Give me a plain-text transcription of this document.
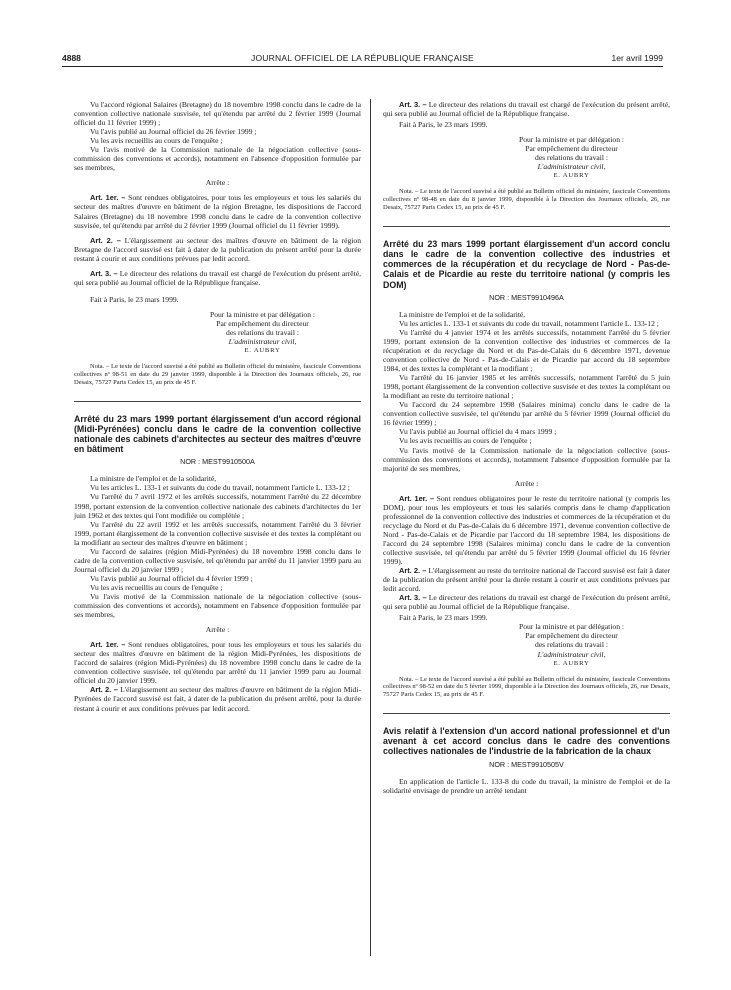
4888	JOURNAL OFFICIEL DE LA RÉPUBLIQUE FRANÇAISE	1er avril 1999

Vu l'accord régional Salaires (Bretagne) du 18 novembre 1998 conclu dans le cadre de la convention collective nationale susvisée, tel qu'étendu par arrêté du 2 février 1999 (Journal officiel du 11 février 1999) ;

Vu l'avis publié au Journal officiel du 26 février 1999 ;

Vu les avis recueillis au cours de l'enquête ;

Vu l'avis motivé de la Commission nationale de la négociation collective (sous-commission des conventions et accords), notamment en l'absence d'opposition formulée par ses membres,

Arrête :

Art. 1er. – Sont rendues obligatoires, pour tous les employeurs et tous les salariés du secteur des maîtres d'œuvre en bâtiment de la région Bretagne, les dispositions de l'accord Salaires (Bretagne) du 18 novembre 1998 conclu dans le cadre de la convention collective susvisée, tel qu'étendu par arrêté du 2 février 1999 (Journal officiel du 11 février 1999).

Art. 2. – L'élargissement au secteur des maîtres d'œuvre en bâtiment de la région Bretagne de l'accord susvisé est fait à dater de la publication du présent arrêté pour la durée restant à courir et aux conditions prévues par ledit accord.

Art. 3. – Le directeur des relations du travail est chargé de l'exécution du présent arrêté, qui sera publié au Journal officiel de la République française.

Fait à Paris, le 23 mars 1999.

Pour la ministre et par délégation :
Par empêchement du directeur
des relations du travail :
L'administrateur civil,
E. AUBRY

Nota. – Le texte de l'accord susvisé a été publié au Bulletin officiel du ministère, fascicule Conventions collectives nº 98-51 en date du 29 janvier 1999, disponible à la Direction des Journaux officiels, 26, rue Desaix, 75727 Paris Cedex 15, au prix de 45 F.

Arrêté du 23 mars 1999 portant élargissement d'un accord régional (Midi-Pyrénées) conclu dans le cadre de la convention collective nationale des cabinets d'architectes au secteur des maîtres d'œuvre en bâtiment

NOR : MEST9910500A

La ministre de l'emploi et de la solidarité,

Vu les articles L. 133-1 et suivants du code du travail, notamment l'article L. 133-12 ;

Vu l'arrêté du 7 avril 1972 et les arrêtés successifs, notamment l'arrêté du 22 décembre 1998, portant extension de la convention collective nationale des cabinets d'architectes du 1er juin 1962 et des textes qui l'ont modifiée ou complétée ;

Vu l'arrêté du 22 avril 1992 et les arrêtés successifs, notamment l'arrêté du 3 février 1999, portant élargissement de la convention collective susvisée et des textes la complétant ou la modifiant au secteur des maîtres d'œuvre en bâtiment ;

Vu l'accord de salaires (région Midi-Pyrénées) du 18 novembre 1998 conclu dans le cadre de la convention collective susvisée, tel qu'étendu par arrêté du 11 janvier 1999 paru au Journal officiel du 20 janvier 1999 ;

Vu l'avis publié au Journal officiel du 4 février 1999 ;

Vu les avis recueillis au cours de l'enquête ;

Vu l'avis motivé de la Commission nationale de la négociation collective (sous-commission des conventions et accords), notamment en l'absence d'opposition formulée par ses membres,

Arrête :

Art. 1er. – Sont rendues obligatoires, pour tous les employeurs et tous les salariés du secteur des maîtres d'œuvre en bâtiment de la région Midi-Pyrénées, les dispositions de l'accord de salaires (région Midi-Pyrénées) du 18 novembre 1998 conclu dans le cadre de la convention collective susvisée, tel qu'étendu par arrêté du 11 janvier 1999 paru au Journal officiel du 20 janvier 1999.

Art. 2. – L'élargissement au secteur des maîtres d'œuvre en bâtiment de la région Midi-Pyrénées de l'accord susvisé est fait, à dater de la publication du présent arrêté, pour la durée restant à courir et aux conditions prévues par ledit accord.

Art. 3. – Le directeur des relations du travail est chargé de l'exécution du présent arrêté, qui sera publié au Journal officiel de la République française.

Fait à Paris, le 23 mars 1999.

Pour la ministre et par délégation :
Par empêchement du directeur
des relations du travail :
L'administrateur civil,
E. AUBRY

Nota. – Le texte de l'accord susvisé a été publié au Bulletin officiel du ministère, fascicule Conventions collectives nº 98-48 en date du 8 janvier 1999, disponible à la Direction des Journaux officiels, 26, rue Desaix, 75727 Paris Cedex 15, au prix de 45 F.

Arrêté du 23 mars 1999 portant élargissement d'un accord conclu dans le cadre de la convention collective des industries et commerces de la récupération et du recyclage de Nord - Pas-de-Calais et de Picardie au reste du territoire national (y compris les DOM)

NOR : MEST9910496A

La ministre de l'emploi et de la solidarité,

Vu les articles L. 133-1 et suivants du code du travail, notamment l'article L. 133-12 ;

Vu l'arrêté du 4 janvier 1974 et les arrêtés successifs, notamment l'arrêté du 5 février 1999, portant extension de la convention collective des industries et commerces de la récupération et du recyclage du Nord et du Pas-de-Calais du 6 décembre 1971, devenue convention collective de Nord - Pas-de-Calais et de Picardie par accord du 18 septembre 1984, et des textes la complétant et la modifiant ;

Vu l'arrêté du 16 janvier 1985 et les arrêtés successifs, notamment l'arrêté du 5 juin 1998, portant élargissement de la convention collective susvisée et des textes la complétant ou la modifiant au reste du territoire national ;

Vu l'accord du 24 septembre 1998 (Salaires minima) conclu dans le cadre de la convention collective susvisée, tel qu'étendu par arrêté du 5 février 1999 (Journal officiel du 16 février 1999) ;

Vu l'avis publié au Journal officiel du 4 mars 1999 ;

Vu les avis recueillis au cours de l'enquête ;

Vu l'avis motivé de la Commission nationale de la négociation collective (sous-commission des conventions et accords), notamment l'absence d'opposition formulée par la majorité de ses membres,

Arrête :

Art. 1er. – Sont rendues obligatoires pour le reste du territoire national (y compris les DOM), pour tous les employeurs et tous les salariés compris dans le champ d'application professionnel de la convention collective des industries et commerces de la récupération et du recyclage du Nord et du Pas-de-Calais du 6 décembre 1971, devenue convention collective de Nord - Pas-de-Calais et de Picardie par l'accord du 18 septembre 1984, les dispositions de l'accord du 24 septembre 1998 (Salaires minima) conclu dans le cadre de la convention collective susvisée, tel qu'étendu par arrêté du 5 février 1999 (Journal officiel du 16 février 1999).

Art. 2. – L'élargissement au reste du territoire national de l'accord susvisé est fait à dater de la publication du présent arrêté pour la durée restant à courir et aux conditions prévues par ledit accord.

Art. 3. – Le directeur des relations du travail est chargé de l'exécution du présent arrêté, qui sera publié au Journal officiel de la République française.

Fait à Paris, le 23 mars 1999.

Pour la ministre et par délégation :
Par empêchement du directeur
des relations du travail :
L'administrateur civil,
E. AUBRY

Nota. – Le texte de l'accord susvisé a été publié au Bulletin officiel du ministère, fascicule Conventions collectives nº 98-52 en date du 5 février 1999, disponible à la Direction des Journaux officiels, 26, rue Desaix, 75727 Paris Cedex 15, au prix de 45 F.

Avis relatif à l'extension d'un accord national professionnel et d'un avenant à cet accord conclus dans le cadre des conventions collectives nationales de l'industrie de la fabrication de la chaux

NOR : MEST9910505V

En application de l'article L. 133-8 du code du travail, la ministre de l'emploi et de la solidarité envisage de prendre un arrêté tendant
